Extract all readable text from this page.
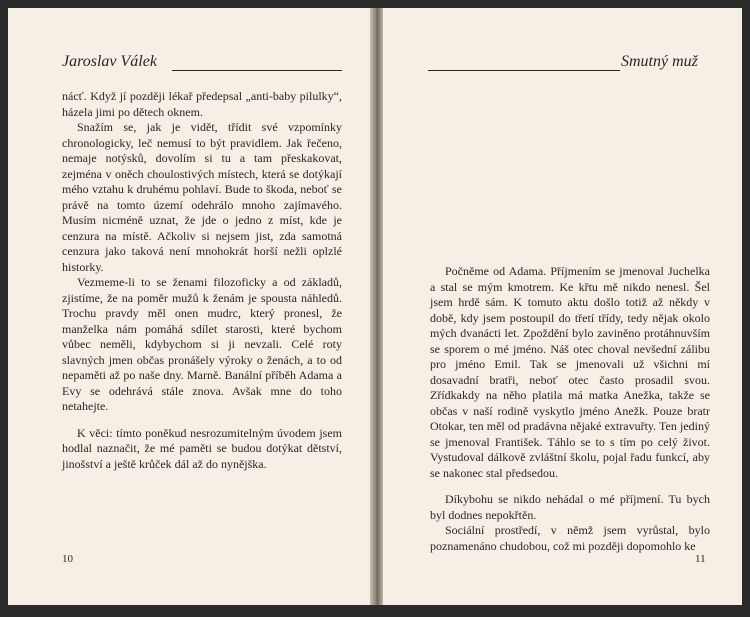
Jaroslav Válek

nácť. Když jí později lékař předepsal „anti-baby pilulky“, házela jimi po dětech oknem.

Snažím se, jak je vidět, třídit své vzpomínky chronologicky, leč nemusí to být pravidlem. Jak řečeno, nemaje notýsků, dovolím si tu a tam přeskakovat, zejména v oněch choulostivých místech, která se dotýkají mého vztahu k druhému pohlaví. Bude to škoda, neboť se právě na tomto území odehrálo mnoho zajímavého. Musím nicméně uznat, že jde o jedno z míst, kde je cenzura na místě. Ačkoliv si nejsem jist, zda samotná cenzura jako taková není mnohokrát horší nežli oplzlé historky.

Vezmeme-li to se ženami filozoficky a od základů, zjistíme, že na poměr mužů k ženám je spousta náhledů. Trochu pravdy měl onen mudrc, který pronesl, že manželka nám pomáhá sdílet starosti, které bychom vůbec neměli, kdybychom si ji nevzali. Celé roty slavných jmen občas pronášely výroky o ženách, a to od nepaměti až po naše dny. Marně. Banální příběh Adama a Evy se odehrává stále znova. Avšak mne do toho netahejte.

K věci: tímto poněkud nesrozumitelným úvodem jsem hodlal naznačit, že mé paměti se budou dotýkat dětství, jinošství a ještě krůček dál až do nynějška.

10
Smutný muž

Počněme od Adama. Příjmením se jmenoval Juchelka a stal se mým kmotrem. Ke křtu mě nikdo nenesl. Šel jsem hrdě sám. K tomuto aktu došlo totiž až někdy v době, kdy jsem postoupil do třetí třídy, tedy nějak okolo mých dvanácti let. Zpoždění bylo zaviněno protáhnuvším se sporem o mé jméno. Náš otec choval nevšední zálibu pro jméno Emil. Tak se jmenovali už všichni mí dosavadní bratři, neboť otec často prosadil svou. Zřídkakdy na něho platila má matka Anežka, takže se občas v naší rodině vyskytlo jméno Anežk. Pouze bratr Otokar, ten měl od pradávna nějaké extravuřty. Ten jediný se jmenoval František. Táhlo se to s tím po celý život. Vystudoval dálkově zvláštní školu, pojal řadu funkcí, aby se nakonec stal předsedou.

Díkybohu se nikdo nehádal o mé příjmení. Tu bych byl dodnes nepokřtěn.

Sociální prostředí, v němž jsem vyrůstal, bylo poznamenáno chudobou, což mi později dopomohlo ke

11
